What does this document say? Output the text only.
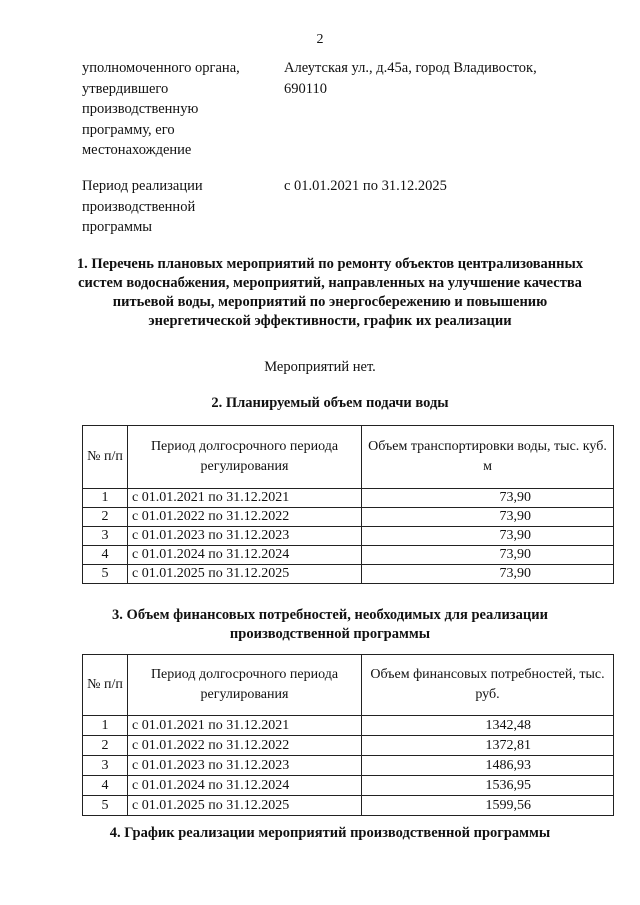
2
уполномоченного органа, утвердившего производственную программу, его местонахождение
Алеутская ул., д.45а, город Владивосток, 690110
Период реализации производственной программы
с 01.01.2021 по 31.12.2025
1. Перечень плановых мероприятий по ремонту объектов централизованных систем водоснабжения, мероприятий, направленных на улучшение качества питьевой воды, мероприятий по энергосбережению и повышению энергетической эффективности, график их реализации
Мероприятий нет.
2. Планируемый объем подачи воды
№ п/п	Период долгосрочного периода регулирования	Объем транспортировки воды, тыс. куб. м
1	с 01.01.2021 по 31.12.2021	73,90
2	с 01.01.2022 по 31.12.2022	73,90
3	с 01.01.2023 по 31.12.2023	73,90
4	с 01.01.2024 по 31.12.2024	73,90
5	с 01.01.2025 по 31.12.2025	73,90
3. Объем финансовых потребностей, необходимых для реализации производственной программы
№ п/п	Период долгосрочного периода регулирования	Объем финансовых потребностей, тыс. руб.
1	с 01.01.2021 по 31.12.2021	1342,48
2	с 01.01.2022 по 31.12.2022	1372,81
3	с 01.01.2023 по 31.12.2023	1486,93
4	с 01.01.2024 по 31.12.2024	1536,95
5	с 01.01.2025 по 31.12.2025	1599,56
4. График реализации мероприятий производственной программы
